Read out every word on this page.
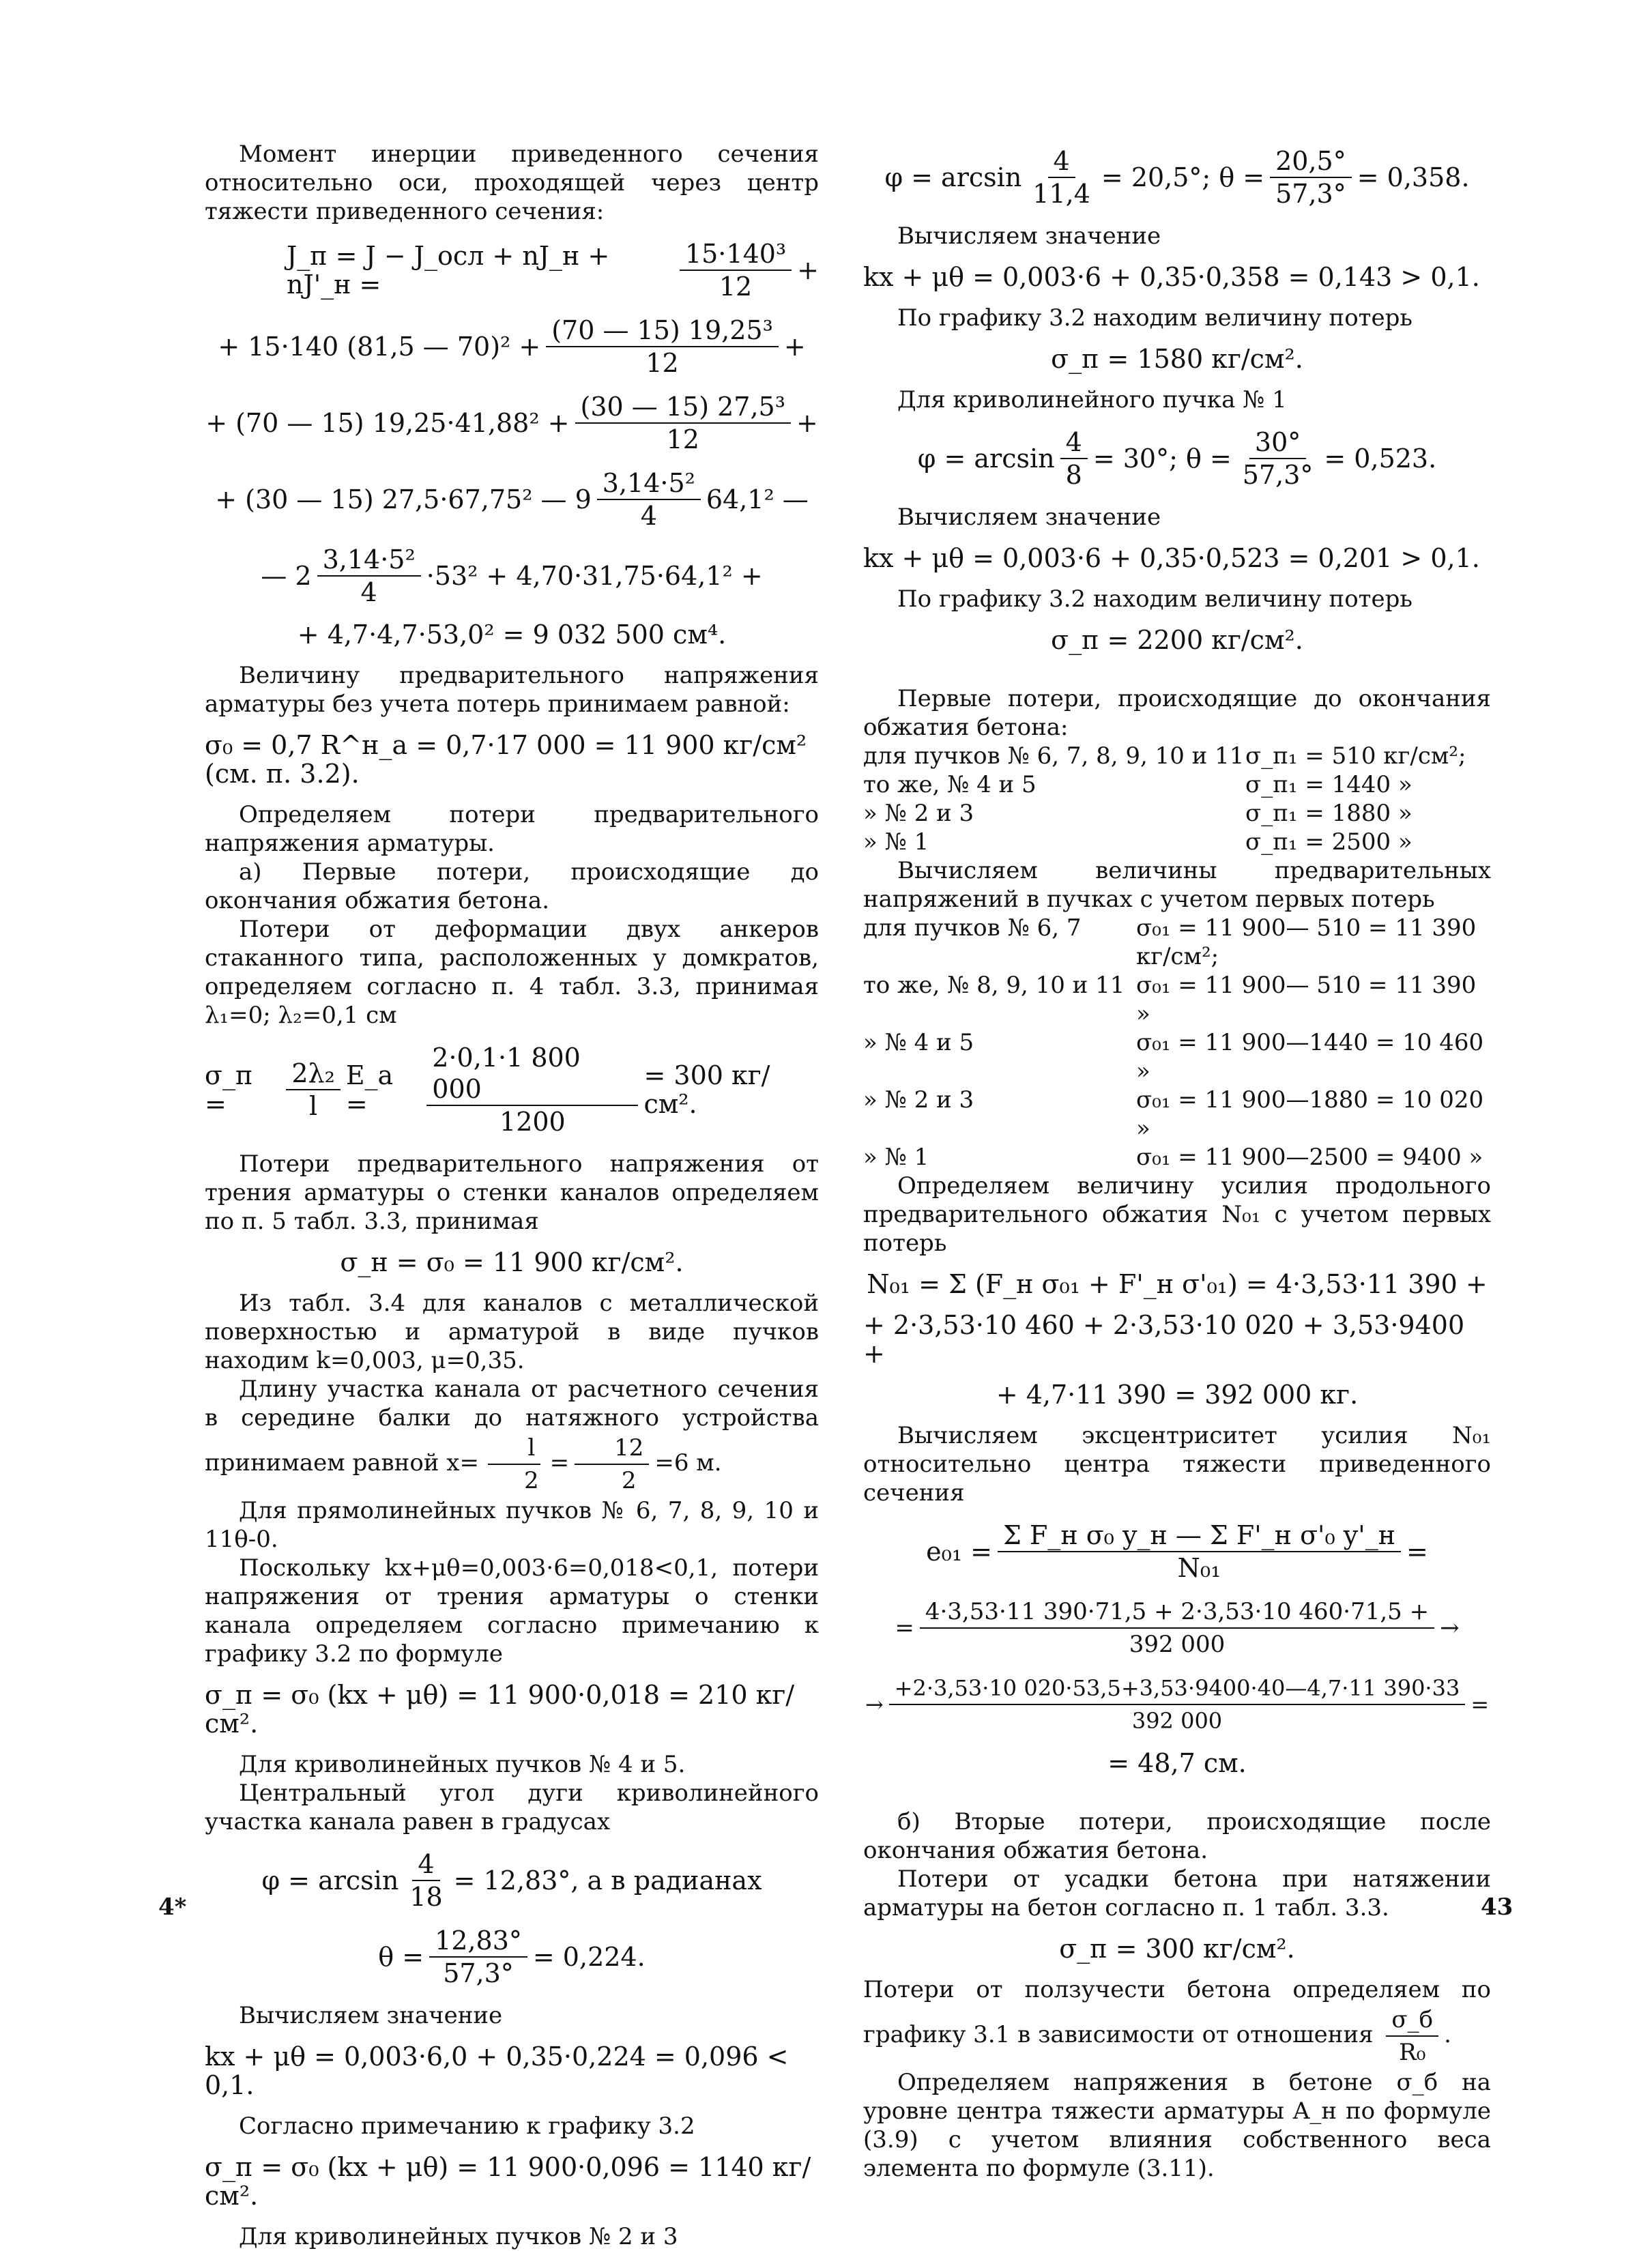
Момент инерции приведенного сечения относительно оси, проходящей через центр тяжести приведенного сечения:

J_п = J − J_осл + nJ_н + nJ'_н =	$\frac{\text{15·140³}}{12}$ +
+ 15·140 (81,5 — $70)^2 + \frac{\text{(70 — 15) 19,25³}}{12}$ +
+ (70 — 15) $19,25\cdot 41,88^2 + \frac{\text{(30 — 15) 27,5³}}{12}$ +
+ (30 — 15) 27,5·67,75² — $9 \frac{\text{3,14·5²}}{4} 64,1^2$ —
— $2 \frac{\text{3,14·5²}}{4} \cdot 53^2 + 4,70\cdot 31,75\cdot 64,1^2$ +
+ 4,7·4,7·53,0² = 9 032 500 см⁴.

Величину предварительного напряжения арматуры без учета потерь принимаем равной:

σ₀ = 0,7 R^н_a = 0,7·17 000 = 11 900 кг/см² (см. п. 3.2).

Определяем потери предварительного напряжения арматуры.

а) Первые потери, происходящие до окончания обжатия бетона.

Потери от деформации двух анкеров стаканного типа, расположенных у домкратов, определяем согласно п. 4 табл. 3.3, принимая λ₁=0; λ₂=0,1 см

σ_п =	$\frac{\text{2λ₂}}{l}$ E_a =	$\frac{2\cdot 0,1\cdot 1 800 000}{1200} = 300$ кг/см².

Потери предварительного напряжения от трения арматуры о стенки каналов определяем по п. 5 табл. 3.3, принимая

σ_н = σ₀ = 11 900 кг/см².

Из табл. 3.4 для каналов с металлической поверхностью и арматурой в виде пучков находим k=0,003, μ=0,35.

Длину участка канала от расчетного сечения в середине балки до натяжного устройства принимаем равной $x= \frac{l}{2} = \frac{12}{2} =6$ м.

Для прямолинейных пучков № 6, 7, 8, 9, 10 и 11θ-0.

Поскольку kx+μθ=0,003·6=0,018<0,1, потери напряжения от трения арматуры о стенки канала определяем согласно примечанию к графику 3.2 по формуле

σ_п = σ₀ (kx + μθ) = 11 900·0,018 = 210 кг/см².

Для криволинейных пучков № 4 и 5.

Центральный угол дуги криволинейного участка канала равен в градусах

$\varphi = \arcsin \frac{4}{18} = 12,83^\circ$, а в радианах
$\theta = \frac{12,83^\circ}{57,3^\circ} = 0,224$.

Вычисляем значение

kx + μθ = 0,003·6,0 + 0,35·0,224 = 0,096 < 0,1.

Согласно примечанию к графику 3.2

σ_п = σ₀ (kx + μθ) = 11 900·0,096 = 1140 кг/см².

Для криволинейных пучков № 2 и 3

$\varphi = \arcsin \frac{4}{11,4} = 20,5^\circ$; $\theta = \frac{20,5^\circ}{57,3^\circ} = 0,358$.

Вычисляем значение

kx + μθ = 0,003·6 + 0,35·0,358 = 0,143 > 0,1.

По графику 3.2 находим величину потерь

σ_п = 1580 кг/см².

Для криволинейного пучка № 1

$\varphi = \arcsin \frac{4}{8} = 30^\circ$; $\theta = \frac{30^\circ}{57,3^\circ} = 0,523$.

Вычисляем значение

kx + μθ = 0,003·6 + 0,35·0,523 = 0,201 > 0,1.

По графику 3.2 находим величину потерь

σ_п = 2200 кг/см².

Первые потери, происходящие до окончания обжатия бетона:

для пучков № 6, 7, 8, 9, 10 и 11 σ_п₁ = 510 кг/см²;
то же, № 4 и 5	σ_п₁ = 1440 »
» № 2 и 3	σ_п₁ = 1880 »
» № 1	σ_п₁ = 2500 »

Вычисляем величины предварительных напряжений в пучках с учетом первых потерь

для пучков № 6, 7	σ₀₁ = 11 900— 510 = 11 390 кг/см²;
то же, № 8, 9, 10 и 11 σ₀₁ = 11 900— 510 = 11 390 »
» № 4 и 5	σ₀₁ = 11 900—1440 = 10 460 »
» № 2 и 3	σ₀₁ = 11 900—1880 = 10 020 »
» № 1	σ₀₁ = 11 900—2500 = 9400 »

Определяем величину усилия продольного предварительного обжатия N₀₁ с учетом первых потерь

N₀₁ = Σ (F_н σ₀₁ + F'_н σ'₀₁) = 4·3,53·11 390 +
+ 2·3,53·10 460 + 2·3,53·10 020 + 3,53·9400 +
+ 4,7·11 390 = 392 000 кг.

Вычисляем эксцентриситет усилия N₀₁ относительно центра тяжести приведенного сечения

$e_{01} = \frac{\text{Σ F\_н σ₀ y\_н — Σ F'\_н σ'₀ y'\_н}}{\text{N₀₁}}$ =
= $\frac{4\cdot 3,53\cdot 11 390\cdot 71,5 + 2\cdot 3,53\cdot 10 460\cdot 71,5 +}{392 000}$ →
→ $\frac{+2\cdot 3,53\cdot 10 020\cdot 53,5+3,53\cdot 9400\cdot 40—4,7\cdot 11 390\cdot 33}{392 000}$ =
= 48,7 см.

б) Вторые потери, происходящие после окончания обжатия бетона.

Потери от усадки бетона при натяжении арматуры на бетон согласно п. 1 табл. 3.3.

σ_п = 300 кг/см².

Потери от ползучести бетона определяем по графику 3.1 в зависимости от отношения $\frac{\sigma\_б}{\text{R₀}}$ .

Определяем напряжения в бетоне σ_б на уровне центра тяжести арматуры A_н по формуле (3.9) с учетом влияния собственного веса элемента по формуле (3.11).

4*	43
